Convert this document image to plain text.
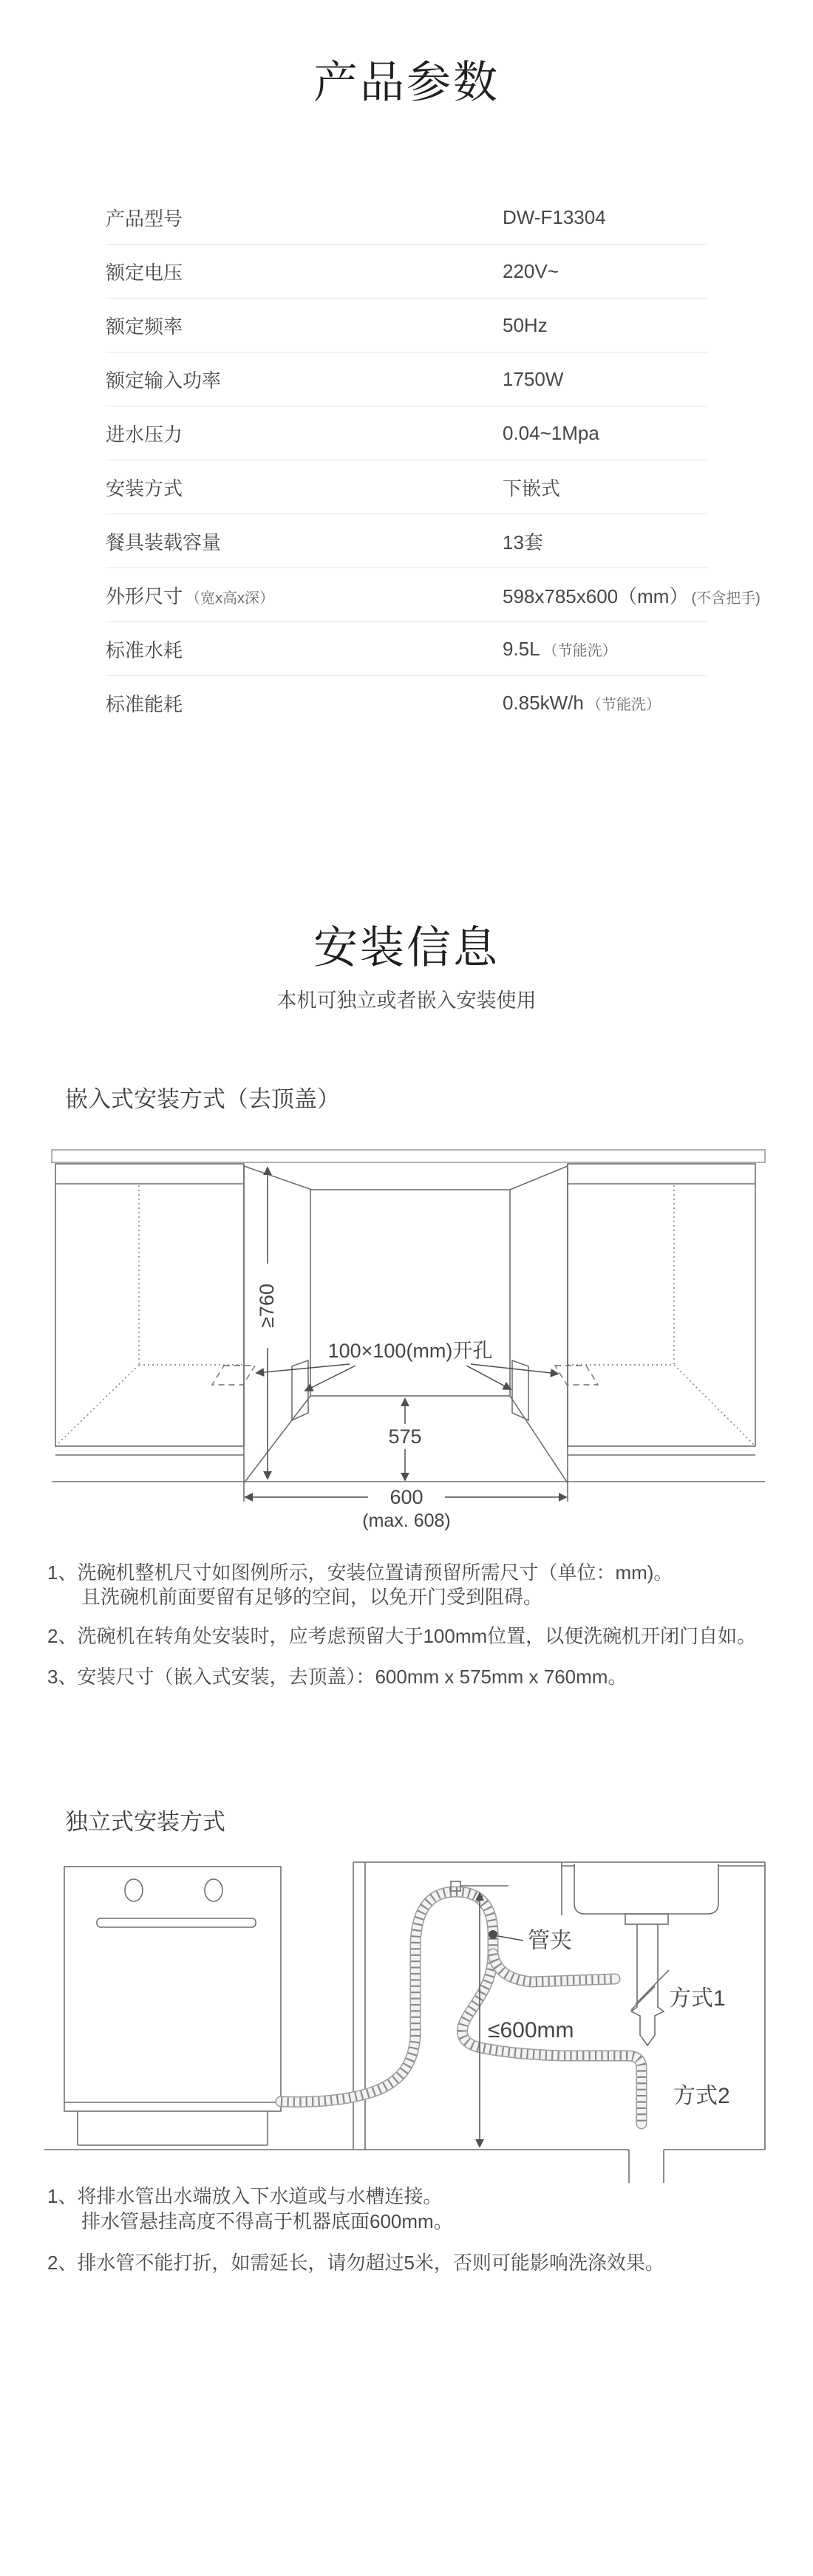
产品参数
产品型号	DW-F13304
额定电压	220V~
额定频率	50Hz
额定输入功率	1750W
进水压力	0.04~1Mpa
安装方式	下嵌式
餐具装载容量	13套
外形尺寸 （宽x高x深）	598x785x600（mm） (不含把手)
标准水耗	9.5L （节能洗）
标准能耗	0.85kW/h （节能洗）
安装信息
本机可独立或者嵌入安装使用
嵌入式安装方式（去顶盖）
100×100(mm)开孔
≥760
575
600
(max. 608)
1、洗碗机整机尺寸如图例所示，安装位置请预留所需尺寸（单位：mm)。
且洗碗机前面要留有足够的空间，以免开门受到阻碍。
2、洗碗机在转角处安装时，应考虑预留大于100mm位置，以便洗碗机开闭门自如。
3、安装尺寸（嵌入式安装，去顶盖）：600mm x 575mm x 760mm。
独立式安装方式
管夹
≤600mm
方式1
方式2
1、将排水管出水端放入下水道或与水槽连接。
排水管悬挂高度不得高于机器底面600mm。
2、排水管不能打折，如需延长，请勿超过5米，否则可能影响洗涤效果。
